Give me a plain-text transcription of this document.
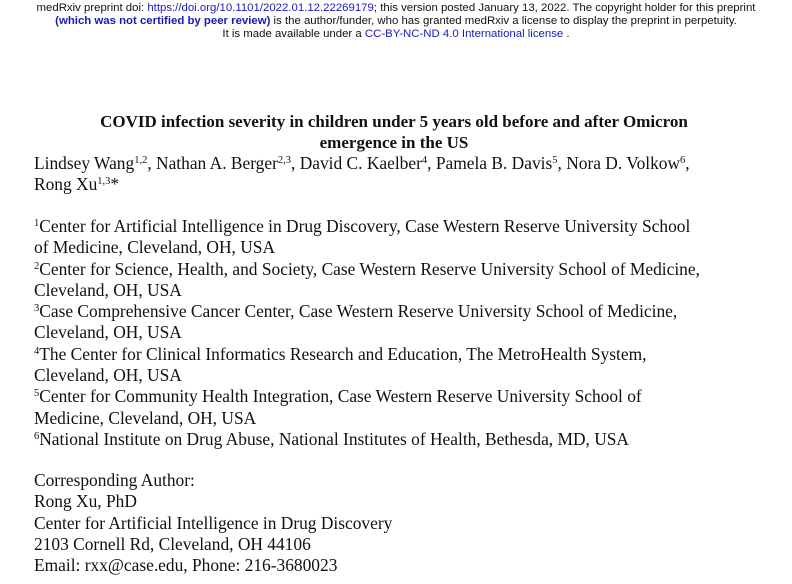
medRxiv preprint doi: https://doi.org/10.1101/2022.01.12.22269179; this version posted January 13, 2022. The copyright holder for this preprint
(which was not certified by peer review) is the author/funder, who has granted medRxiv a license to display the preprint in perpetuity.
It is made available under a CC-BY-NC-ND 4.0 International license .
COVID infection severity in children under 5 years old before and after Omicron emergence in the US
Lindsey Wang$^{1,2}$, Nathan A. Berger$^{2,3}$, David C. Kaelber$^4$, Pamela B. Davis$^5$, Nora D. Volkow$^6$,
Rong Xu$^{1,3}$*
$^1$Center for Artificial Intelligence in Drug Discovery, Case Western Reserve University School
of Medicine, Cleveland, OH, USA
$^2$Center for Science, Health, and Society, Case Western Reserve University School of Medicine,
Cleveland, OH, USA
$^3$Case Comprehensive Cancer Center, Case Western Reserve University School of Medicine,
Cleveland, OH, USA
$^4$The Center for Clinical Informatics Research and Education, The MetroHealth System,
Cleveland, OH, USA
$^5$Center for Community Health Integration, Case Western Reserve University School of
Medicine, Cleveland, OH, USA
$^6$National Institute on Drug Abuse, National Institutes of Health, Bethesda, MD, USA
Corresponding Author:
Rong Xu, PhD
Center for Artificial Intelligence in Drug Discovery
2103 Cornell Rd, Cleveland, OH 44106
Email: rxx@case.edu, Phone: 216-3680023
